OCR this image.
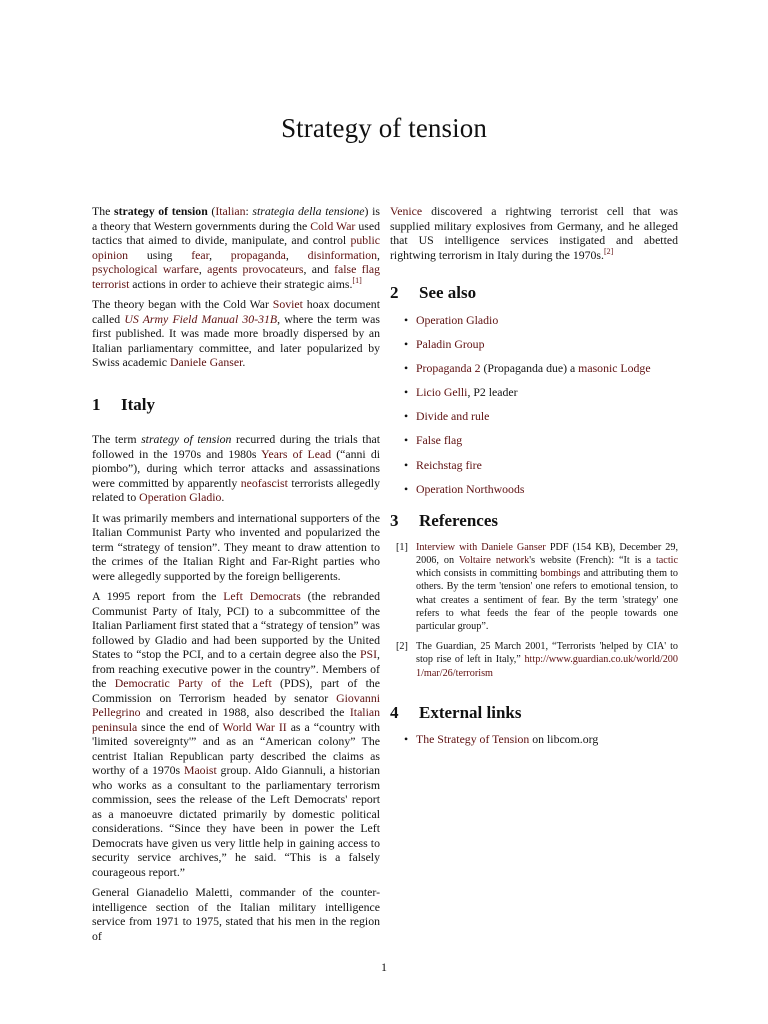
Strategy of tension

The strategy of tension (Italian: strategia della tensione) is a theory that Western governments during the Cold War used tactics that aimed to divide, manipulate, and control public opinion using fear, propaganda, disinformation, psychological warfare, agents provocateurs, and false flag terrorist actions in order to achieve their strategic aims.[1]

The theory began with the Cold War Soviet hoax document called US Army Field Manual 30-31B, where the term was first published. It was made more broadly dispersed by an Italian parliamentary committee, and later popularized by Swiss academic Daniele Ganser.

1 Italy

The term strategy of tension recurred during the trials that followed in the 1970s and 1980s Years of Lead (“anni di piombo”), during which terror attacks and assassinations were committed by apparently neofascist terrorists allegedly related to Operation Gladio.

It was primarily members and international supporters of the Italian Communist Party who invented and popularized the term “strategy of tension”. They meant to draw attention to the crimes of the Italian Right and Far-Right parties who were allegedly supported by the foreign belligerents.

A 1995 report from the Left Democrats (the rebranded Communist Party of Italy, PCI) to a subcommittee of the Italian Parliament first stated that a “strategy of tension” was followed by Gladio and had been supported by the United States to “stop the PCI, and to a certain degree also the PSI, from reaching executive power in the country”. Members of the Democratic Party of the Left (PDS), part of the Commission on Terrorism headed by senator Giovanni Pellegrino and created in 1988, also described the Italian peninsula since the end of World War II as a “country with 'limited sovereignty'” and as an “American colony” The centrist Italian Republican party described the claims as worthy of a 1970s Maoist group. Aldo Giannuli, a historian who works as a consultant to the parliamentary terrorism commission, sees the release of the Left Democrats' report as a manoeuvre dictated primarily by domestic political considerations. “Since they have been in power the Left Democrats have given us very little help in gaining access to security service archives,” he said. “This is a falsely courageous report.”

General Gianadelio Maletti, commander of the counter-intelligence section of the Italian military intelligence service from 1971 to 1975, stated that his men in the region of

Venice discovered a rightwing terrorist cell that was supplied military explosives from Germany, and he alleged that US intelligence services instigated and abetted rightwing terrorism in Italy during the 1970s.[2]

2 See also
• Operation Gladio
• Paladin Group
• Propaganda 2 (Propaganda due) a masonic Lodge
• Licio Gelli, P2 leader
• Divide and rule
• False flag
• Reichstag fire
• Operation Northwoods
3 References
[1] Interview with Daniele Ganser PDF (154 KB), December 29, 2006, on Voltaire network's website (French): “It is a tactic which consists in committing bombings and attributing them to others. By the term 'tension' one refers to emotional tension, to what creates a sentiment of fear. By the term 'strategy' one refers to what feeds the fear of the people towards one particular group”.
[2] The Guardian, 25 March 2001, “Terrorists 'helped by CIA' to stop rise of left in Italy,” http://www.guardian.co.uk/world/2001/mar/26/terrorism
4 External links
• The Strategy of Tension on libcom.org
1
